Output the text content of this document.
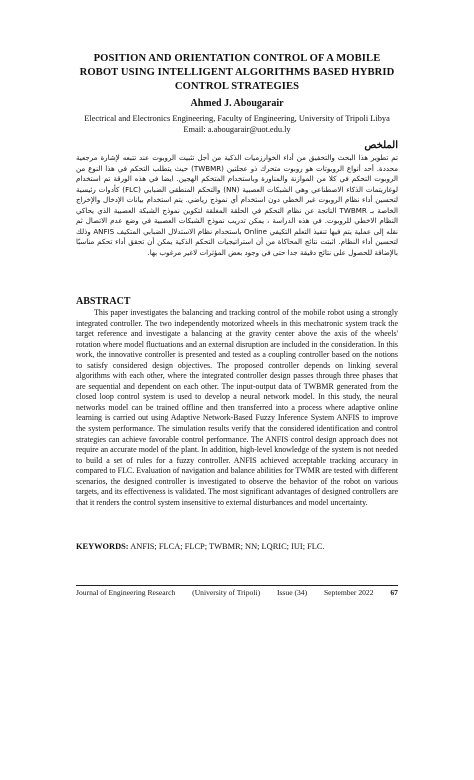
POSITION AND ORIENTATION CONTROL OF A MOBILE
ROBOT USING INTELLIGENT ALGORITHMS BASED HYBRID
CONTROL STRATEGIES
Ahmed J. Abougarair
Electrical and Electronics Engineering, Faculty of Engineering, University of Tripoli Libya
Email: a.abougarair@uot.edu.ly
الملخص
تم تطوير هذا البحث والتحقيق من أداء الخوارزميات الذكية من أجل تثبيت الروبوت عند تتبعه لإشارة مرجعية محددة. أحد أنواع الروبوتات هو روبوت متحرك ذو عجلتين (TWBMR) حيث يتطلب التحكم في هذا النوع من الروبوت التحكم في كلا من الموازنة والمناورة وباستخدام المتحكم الهجين. ايضا في هذه الورقة تم استخدام لوغاريتمات الذكاء الاصطناعي وهي الشبكات العصبية (NN) والتحكم المنطقي الضبابي (FLC) كأدوات رئيسية لتحسين أداء نظام الروبوت غير الخطي دون استخدام أي نموذج رياضي. يتم استخدام بيانات الإدخال والإخراج الخاصة بـ TWBMR الناتجة عن نظام التحكم في الحلقة المغلقة لتكوين نموذج الشبكة العصبية الذي يحاكي النظام الاخطي للروبوت. في هذه الدراسة ، يمكن تدريب نموذج الشبكات العصبية في وضع عدم الاتصال ثم نقله إلى عملية يتم فيها تنفيذ التعلم التكيفي Online باستخدام نظام الاستدلال الضبابي المتكيف ANFIS وذلك لتحسين أداء النظام. اثبتت نتائج المحاكاة من أن استراتيجيات التحكم الذكية يمكن أن تحقق أداء تحكم مناسبًا بالإضافة للحصول على نتائج دقيقة جدا حتى في وجود بعض المؤثرات لاغير مرغوب بها.
ABSTRACT
This paper investigates the balancing and tracking control of the mobile robot using a strongly integrated controller. The two independently motorized wheels in this mechatronic system track the target reference and investigate a balancing at the gravity center above the axis of the wheels' rotation where model fluctuations and an external disruption are included in the consideration. In this work, the innovative controller is presented and tested as a coupling controller based on the notions to satisfy considered design objectives. The proposed controller depends on linking several algorithms with each other, where the integrated controller design passes through three phases that are sequential and dependent on each other. The input-output data of TWBMR generated from the closed loop control system is used to develop a neural network model. In this study, the neural networks model can be trained offline and then transferred into a process where adaptive online learning is carried out using Adaptive Network-Based Fuzzy Inference System ANFIS to improve the system performance. The simulation results verify that the considered identification and control strategies can achieve favorable control performance. The ANFIS control design approach does not require an accurate model of the plant. In addition, high-level knowledge of the system is not needed to build a set of rules for a fuzzy controller. ANFIS achieved acceptable tracking accuracy in compared to FLC. Evaluation of navigation and balance abilities for TWMR are tested with different scenarios, the designed controller is investigated to observe the behavior of the robot on various targets, and its effectiveness is validated. The most significant advantages of designed controllers are that it renders the control system insensitive to external disturbances and model uncertainty.
KEYWORDS: ANFIS; FLCA; FLCP; TWBMR; NN; LQRIC; IUI; FLC.
Journal of Engineering Research (University of Tripoli) Issue (34) September 2022 67
